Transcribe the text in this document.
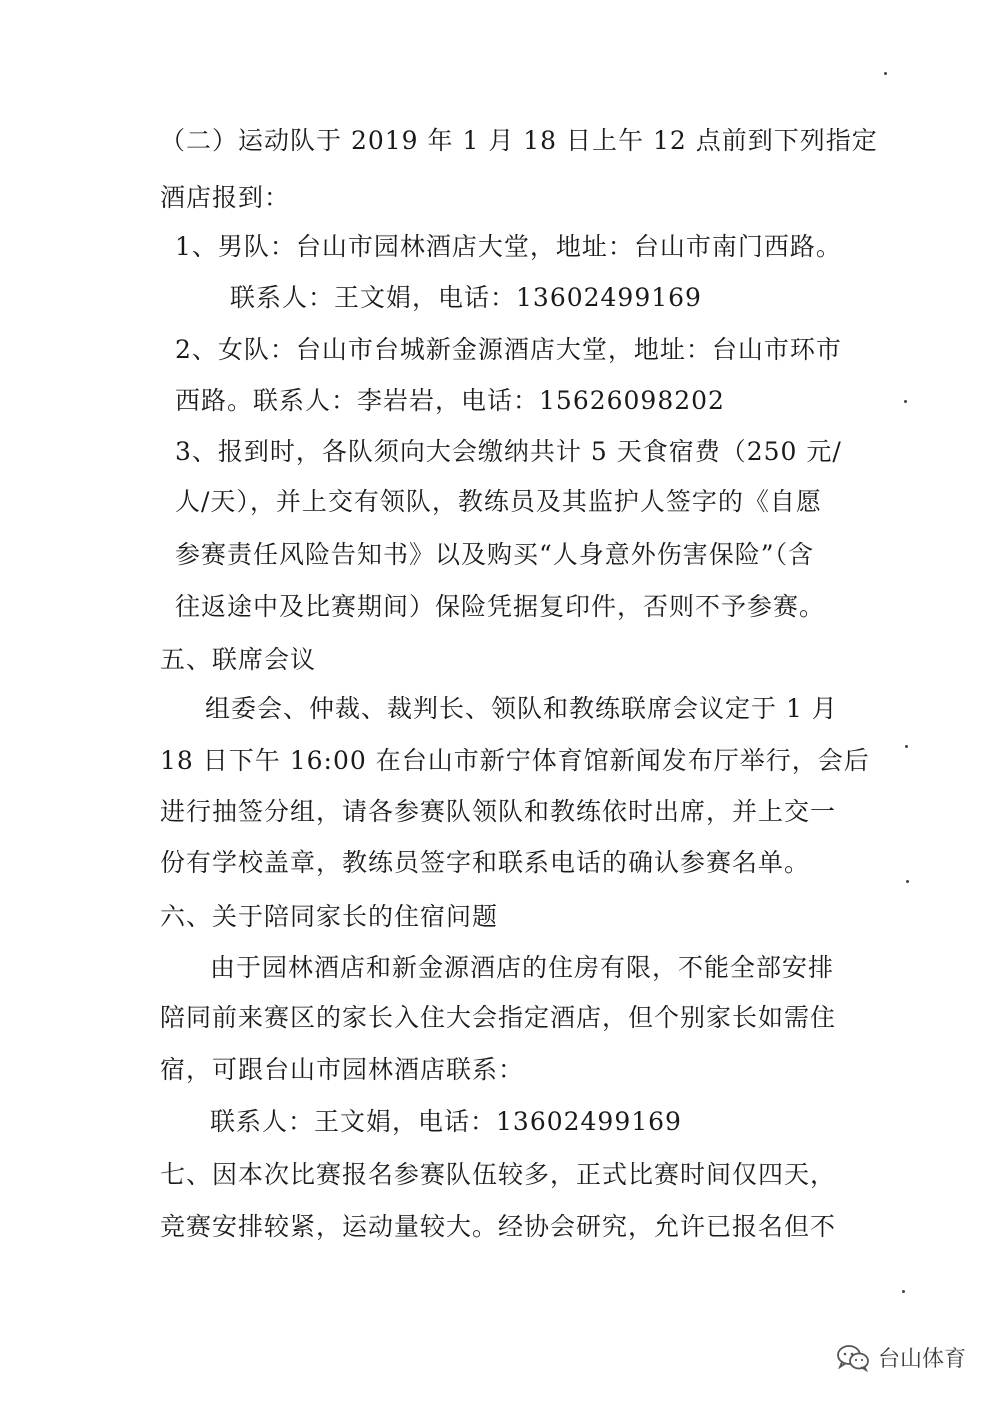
（二）运动队于 2019 年 1 月 18 日上午 12 点前到下列指定
酒店报到：
1、男队：台山市园林酒店大堂，地址：台山市南门西路。
联系人：王文娟，电话：13602499169
2、女队：台山市台城新金源酒店大堂，地址：台山市环市
西路。联系人：李岩岩，电话：15626098202
3、报到时，各队须向大会缴纳共计 5 天食宿费（250 元/
人/天），并上交有领队，教练员及其监护人签字的《自愿
参赛责任风险告知书》以及购买“人身意外伤害保险”（含
往返途中及比赛期间）保险凭据复印件，否则不予参赛。
五、联席会议
组委会、仲裁、裁判长、领队和教练联席会议定于 1 月
18 日下午 16:00 在台山市新宁体育馆新闻发布厅举行，会后
进行抽签分组，请各参赛队领队和教练依时出席，并上交一
份有学校盖章，教练员签字和联系电话的确认参赛名单。
六、关于陪同家长的住宿问题
由于园林酒店和新金源酒店的住房有限，不能全部安排
陪同前来赛区的家长入住大会指定酒店，但个别家长如需住
宿，可跟台山市园林酒店联系：
联系人：王文娟，电话：13602499169
七、因本次比赛报名参赛队伍较多，正式比赛时间仅四天，
竞赛安排较紧，运动量较大。经协会研究，允许已报名但不
台山体育
